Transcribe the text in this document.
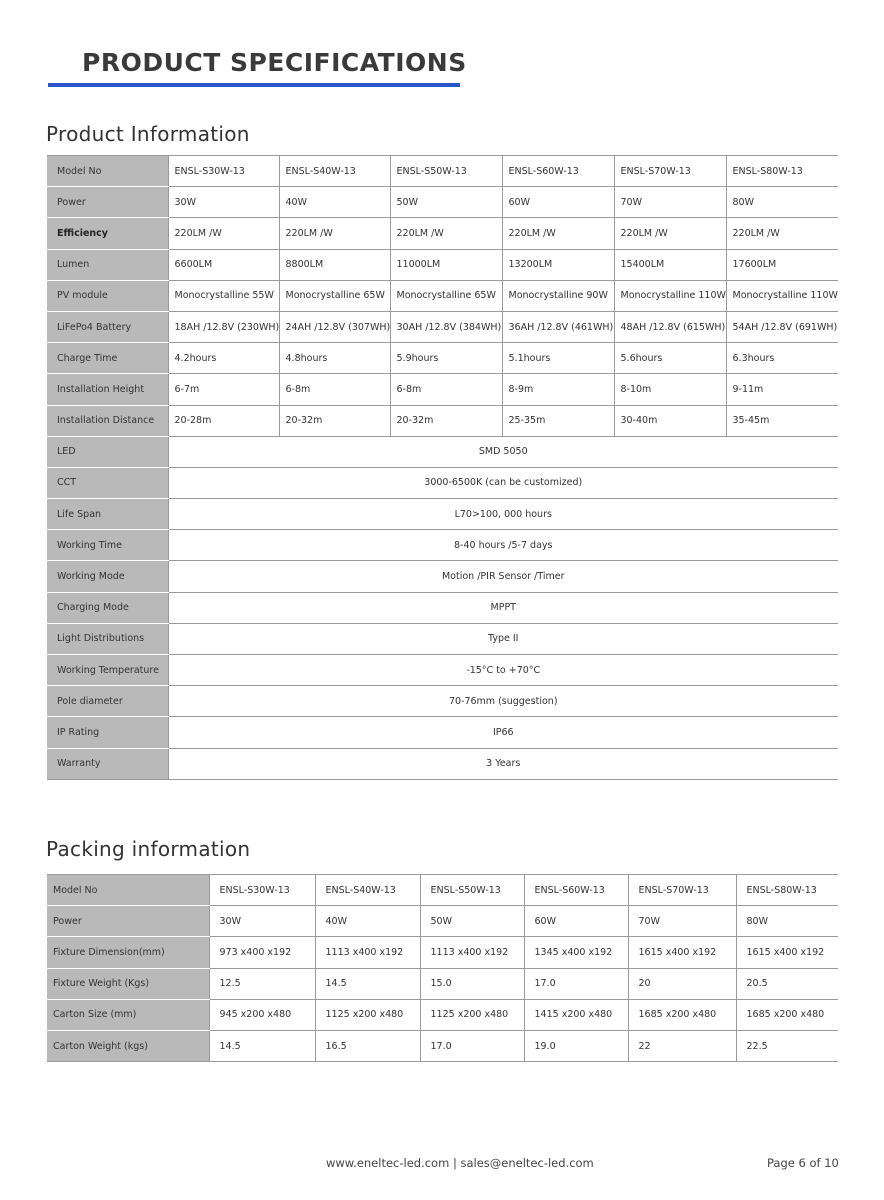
PRODUCT SPECIFICATIONS
Product Information
Model No	ENSL-S30W-13	ENSL-S40W-13	ENSL-S50W-13	ENSL-S60W-13	ENSL-S70W-13	ENSL-S80W-13
Power	30W	40W	50W	60W	70W	80W
Efficiency	220LM /W	220LM /W	220LM /W	220LM /W	220LM /W	220LM /W
Lumen	6600LM	8800LM	11000LM	13200LM	15400LM	17600LM
PV module	Monocrystalline 55W	Monocrystalline 65W	Monocrystalline 65W	Monocrystalline 90W	Monocrystalline 110W	Monocrystalline 110W
LiFePo4 Battery	18AH /12.8V (230WH)	24AH /12.8V (307WH)	30AH /12.8V (384WH)	36AH /12.8V (461WH)	48AH /12.8V (615WH)	54AH /12.8V (691WH)
Charge Time	4.2hours	4.8hours	5.9hours	5.1hours	5.6hours	6.3hours
Installation Height	6-7m	6-8m	6-8m	8-9m	8-10m	9-11m
Installation Distance	20-28m	20-32m	20-32m	25-35m	30-40m	35-45m
LED	SMD 5050					
CCT	3000-6500K (can be customized)					
Life Span	L70>100, 000 hours					
Working Time	8-40 hours /5-7 days					
Working Mode	Motion /PIR Sensor /Timer					
Charging Mode	MPPT					
Light Distributions	Type II					
Working Temperature	-15°C to +70°C					
Pole diameter	70-76mm (suggestion)					
IP Rating	IP66					
Warranty	3 Years					
Packing information
Model No	ENSL-S30W-13	ENSL-S40W-13	ENSL-S50W-13	ENSL-S60W-13	ENSL-S70W-13	ENSL-S80W-13
Power	30W	40W	50W	60W	70W	80W
Fixture Dimension(mm)	973 x400 x192	1113 x400 x192	1113 x400 x192	1345 x400 x192	1615 x400 x192	1615 x400 x192
Fixture Weight (Kgs)	12.5	14.5	15.0	17.0	20	20.5
Carton Size (mm)	945 x200 x480	1125 x200 x480	1125 x200 x480	1415 x200 x480	1685 x200 x480	1685 x200 x480
Carton Weight (kgs)	14.5	16.5	17.0	19.0	22	22.5
www.eneltec-led.com | sales@eneltec-led.com	Page 6 of 10
